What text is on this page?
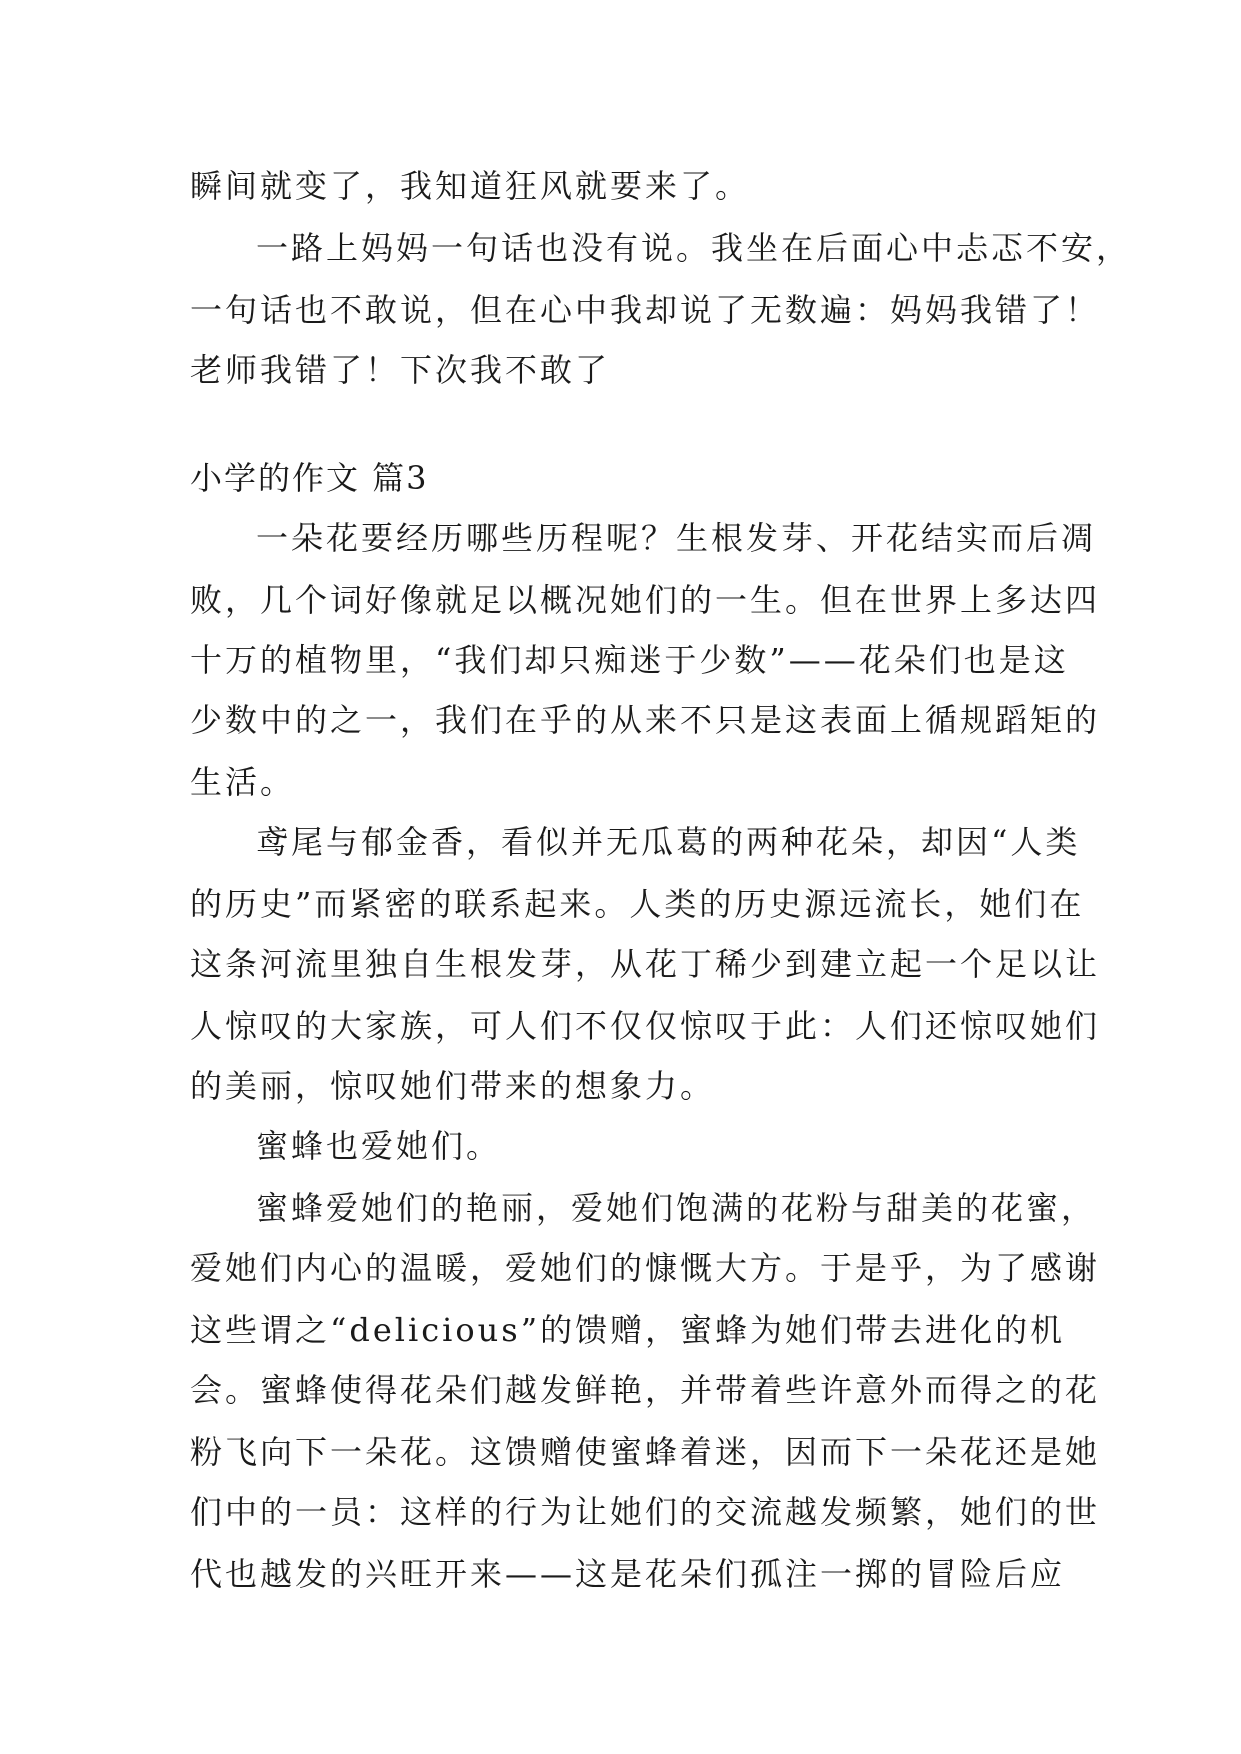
瞬间就变了，我知道狂风就要来了。
一路上妈妈一句话也没有说。我坐在后面心中忐忑不安，
一句话也不敢说，但在心中我却说了无数遍：妈妈我错了！
老师我错了！下次我不敢了
小学的作文 篇3
一朵花要经历哪些历程呢？生根发芽、开花结实而后凋
败，几个词好像就足以概况她们的一生。但在世界上多达四
十万的植物里，“我们却只痴迷于少数”——花朵们也是这
少数中的之一，我们在乎的从来不只是这表面上循规蹈矩的
生活。
鸢尾与郁金香，看似并无瓜葛的两种花朵，却因“人类
的历史”而紧密的联系起来。人类的历史源远流长，她们在
这条河流里独自生根发芽，从花丁稀少到建立起一个足以让
人惊叹的大家族，可人们不仅仅惊叹于此：人们还惊叹她们
的美丽，惊叹她们带来的想象力。
蜜蜂也爱她们。
蜜蜂爱她们的艳丽，爱她们饱满的花粉与甜美的花蜜，
爱她们内心的温暖，爱她们的慷慨大方。于是乎，为了感谢
这些谓之“delicious”的馈赠，蜜蜂为她们带去进化的机
会。蜜蜂使得花朵们越发鲜艳，并带着些许意外而得之的花
粉飞向下一朵花。这馈赠使蜜蜂着迷，因而下一朵花还是她
们中的一员：这样的行为让她们的交流越发频繁，她们的世
代也越发的兴旺开来——这是花朵们孤注一掷的冒险后应
